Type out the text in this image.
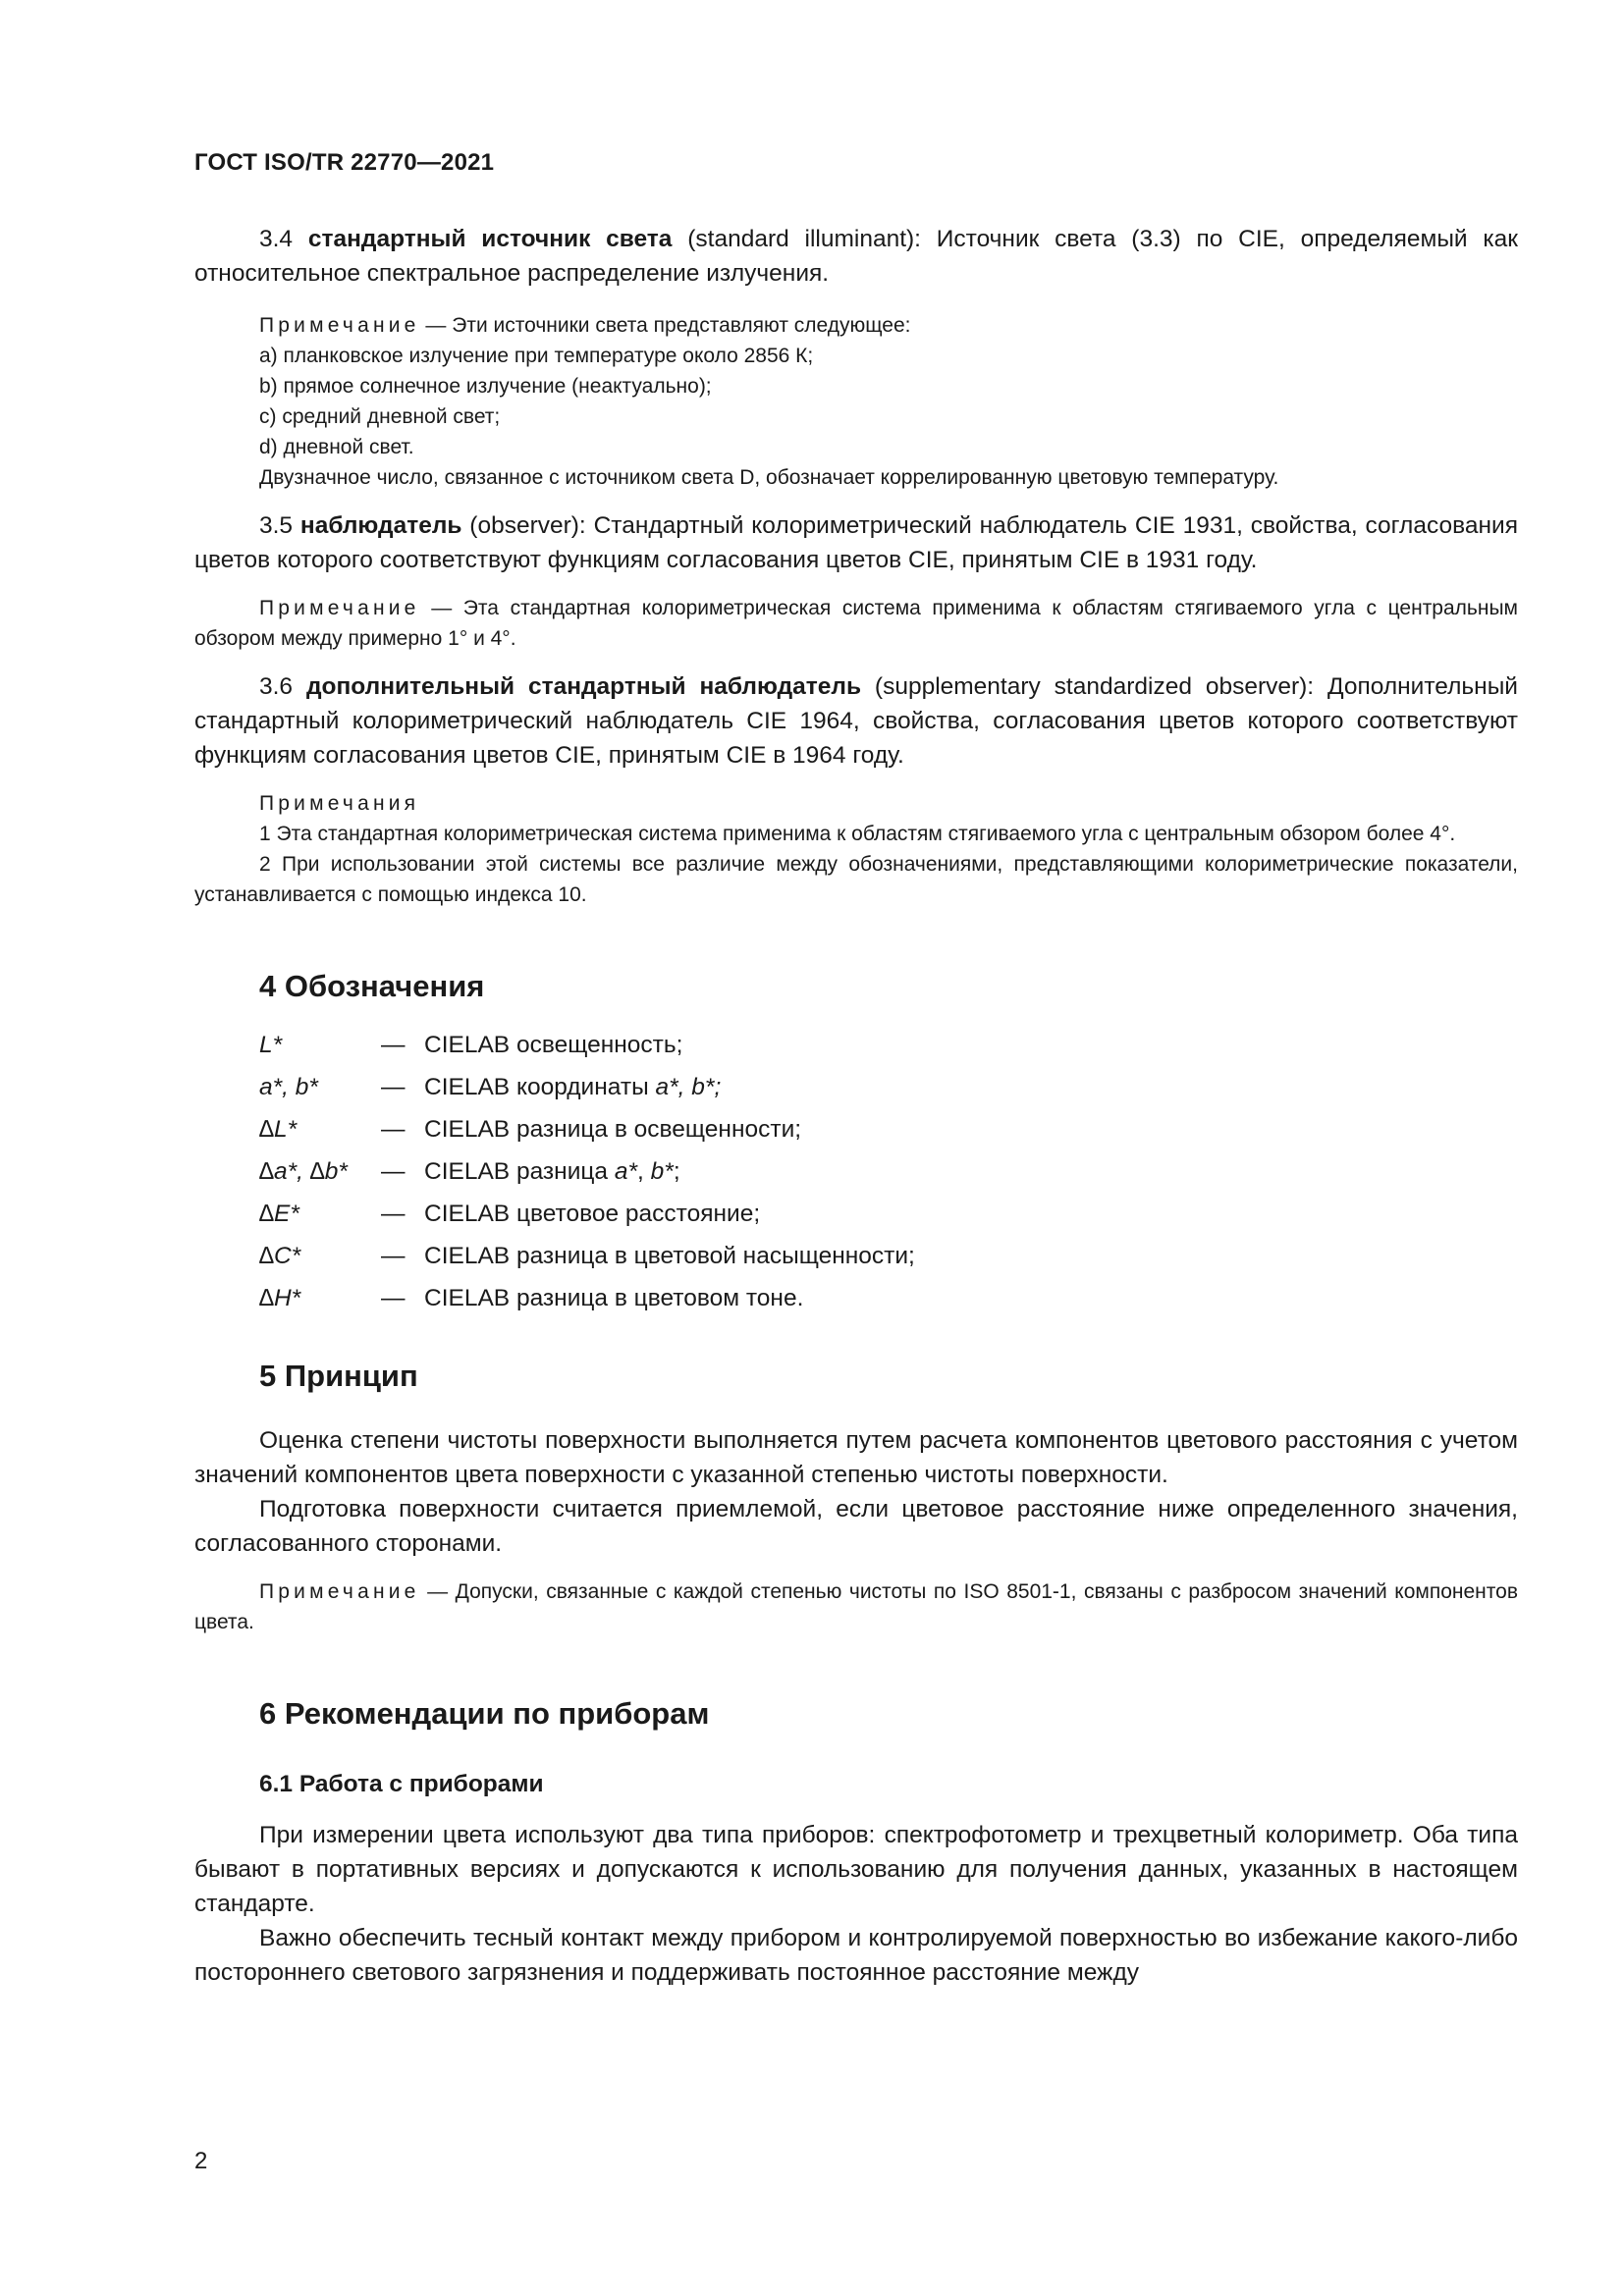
ГОСТ ISO/TR 22770—2021

3.4 стандартный источник света (standard illuminant): Источник света (3.3) по CIE, определяемый как относительное спектральное распределение излучения.

Примечание — Эти источники света представляют следующее:
a) планковское излучение при температуре около 2856 К;
b) прямое солнечное излучение (неактуально);
c) средний дневной свет;
d) дневной свет.
Двузначное число, связанное с источником света D, обозначает коррелированную цветовую температуру.

3.5 наблюдатель (observer): Стандартный колориметрический наблюдатель CIE 1931, свойства, согласования цветов которого соответствуют функциям согласования цветов CIE, принятым CIE в 1931 году.

Примечание — Эта стандартная колориметрическая система применима к областям стягиваемого угла с центральным обзором между примерно 1° и 4°.

3.6 дополнительный стандартный наблюдатель (supplementary standardized observer): Дополнительный стандартный колориметрический наблюдатель CIE 1964, свойства, согласования цветов которого соответствуют функциям согласования цветов CIE, принятым CIE в 1964 году.

Примечания

1 Эта стандартная колориметрическая система применима к областям стягиваемого угла с центральным обзором более 4°.

2 При использовании этой системы все различие между обозначениями, представляющими колориметрические показатели, устанавливается с помощью индекса 10.

4 Обозначения
L*	— CIELAB освещенность;
a*, b*	— CIELAB координаты a*, b*;
∆L*	— CIELAB разница в освещенности;
∆a*, ∆b*	— CIELAB разница a*, b*;
∆E*	— CIELAB цветовое расстояние;
∆C*	— CIELAB разница в цветовой насыщенности;
∆H*	— CIELAB разница в цветовом тоне.
5 Принцип

Оценка степени чистоты поверхности выполняется путем расчета компонентов цветового расстояния с учетом значений компонентов цвета поверхности с указанной степенью чистоты поверхности.

Подготовка поверхности считается приемлемой, если цветовое расстояние ниже определенного значения, согласованного сторонами.

Примечание — Допуски, связанные с каждой степенью чистоты по ISO 8501-1, связаны с разбросом значений компонентов цвета.

6 Рекомендации по приборам
6.1 Работа с приборами

При измерении цвета используют два типа приборов: спектрофотометр и трехцветный колориметр. Оба типа бывают в портативных версиях и допускаются к использованию для получения данных, указанных в настоящем стандарте.

Важно обеспечить тесный контакт между прибором и контролируемой поверхностью во избежание какого-либо постороннего светового загрязнения и поддерживать постоянное расстояние между

2
